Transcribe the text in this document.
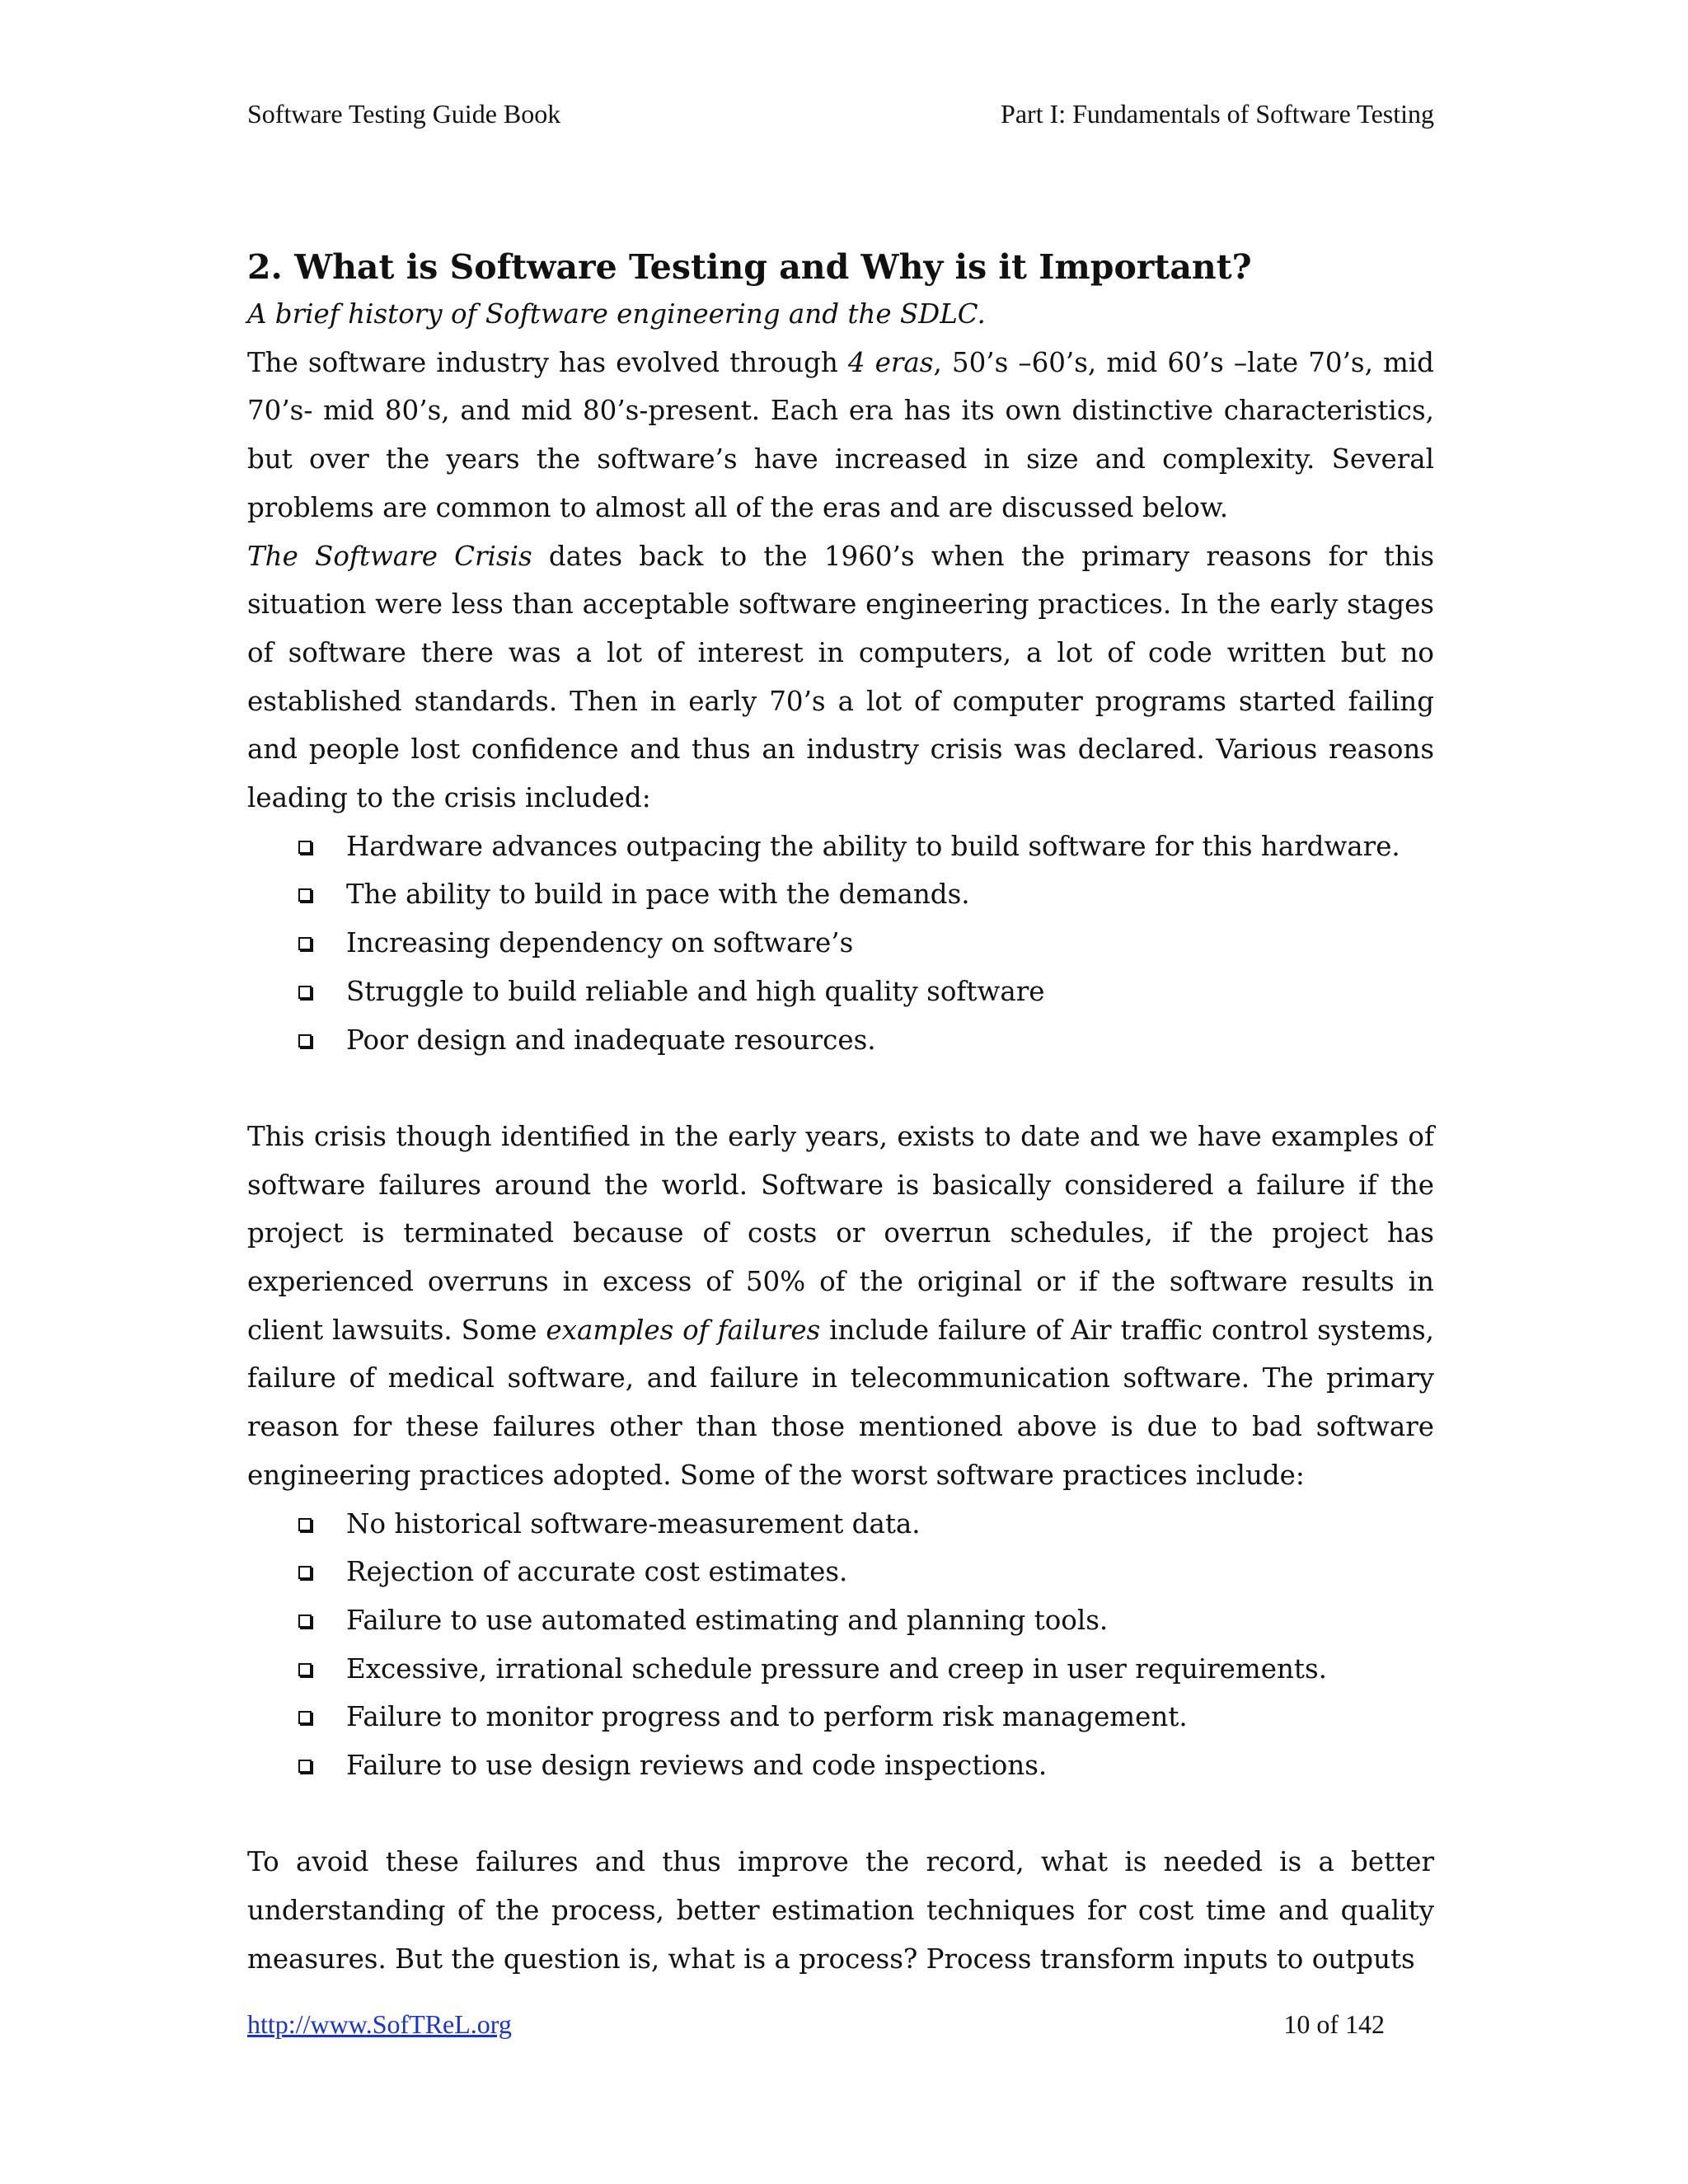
Software Testing Guide Book	Part I: Fundamentals of Software Testing
2. What is Software Testing and Why is it Important?

A brief history of Software engineering and the SDLC.

The software industry has evolved through 4 eras, 50’s –60’s, mid 60’s –late 70’s, mid 70’s- mid 80’s, and mid 80’s-present. Each era has its own distinctive characteristics, but over the years the software’s have increased in size and complexity. Several problems are common to almost all of the eras and are discussed below.

The Software Crisis dates back to the 1960’s when the primary reasons for this situation were less than acceptable software engineering practices. In the early stages of software there was a lot of interest in computers, a lot of code written but no established standards. Then in early 70’s a lot of computer programs started failing and people lost confidence and thus an industry crisis was declared. Various reasons leading to the crisis included:

Hardware advances outpacing the ability to build software for this hardware.
The ability to build in pace with the demands.
Increasing dependency on software’s
Struggle to build reliable and high quality software
Poor design and inadequate resources.

This crisis though identified in the early years, exists to date and we have examples of software failures around the world. Software is basically considered a failure if the project is terminated because of costs or overrun schedules, if the project has experienced overruns in excess of 50% of the original or if the software results in client lawsuits. Some examples of failures include failure of Air traffic control systems, failure of medical software, and failure in telecommunication software. The primary reason for these failures other than those mentioned above is due to bad software engineering practices adopted. Some of the worst software practices include:

No historical software-measurement data.
Rejection of accurate cost estimates.
Failure to use automated estimating and planning tools.
Excessive, irrational schedule pressure and creep in user requirements.
Failure to monitor progress and to perform risk management.
Failure to use design reviews and code inspections.

To avoid these failures and thus improve the record, what is needed is a better understanding of the process, better estimation techniques for cost time and quality measures. But the question is, what is a process? Process transform inputs to outputs

http://www.SofTReL.org	10 of 142
